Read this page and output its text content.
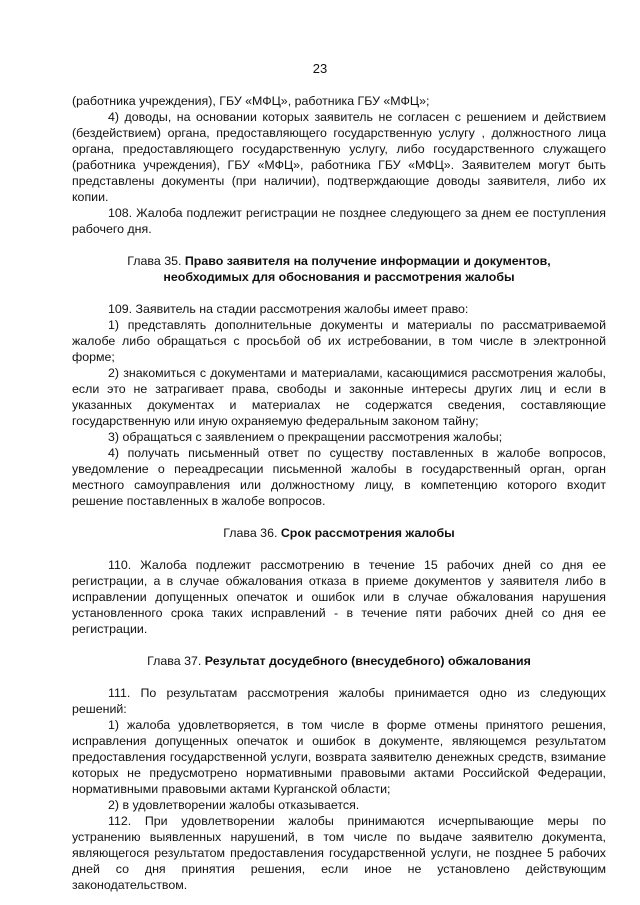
23

(работника учреждения), ГБУ «МФЦ», работника ГБУ «МФЦ»;

4) доводы, на основании которых заявитель не согласен с решением и действием (бездействием) органа, предоставляющего государственную услугу , должностного лица органа, предоставляющего государственную услугу, либо государственного служащего (работника учреждения), ГБУ «МФЦ», работника ГБУ «МФЦ». Заявителем могут быть представлены документы (при наличии), подтверждающие доводы заявителя, либо их копии.

108. Жалоба подлежит регистрации не позднее следующего за днем ее поступления рабочего дня.

Глава 35. Право заявителя на получение информации и документов, необходимых для обоснования и рассмотрения жалобы

109. Заявитель на стадии рассмотрения жалобы имеет право:

1) представлять дополнительные документы и материалы по рассматриваемой жалобе либо обращаться с просьбой об их истребовании, в том числе в электронной форме;

2) знакомиться с документами и материалами, касающимися рассмотрения жалобы, если это не затрагивает права, свободы и законные интересы других лиц и если в указанных документах и материалах не содержатся сведения, составляющие государственную или иную охраняемую федеральным законом тайну;

3) обращаться с заявлением о прекращении рассмотрения жалобы;

4) получать письменный ответ по существу поставленных в жалобе вопросов, уведомление о переадресации письменной жалобы в государственный орган, орган местного самоуправления или должностному лицу, в компетенцию которого входит решение поставленных в жалобе вопросов.

Глава 36. Срок рассмотрения жалобы

110. Жалоба подлежит рассмотрению в течение 15 рабочих дней со дня ее регистрации, а в случае обжалования отказа в приеме документов у заявителя либо в исправлении допущенных опечаток и ошибок или в случае обжалования нарушения установленного срока таких исправлений - в течение пяти рабочих дней со дня ее регистрации.

Глава 37. Результат досудебного (внесудебного) обжалования

111. По результатам рассмотрения жалобы принимается одно из следующих решений:

1) жалоба удовлетворяется, в том числе в форме отмены принятого решения, исправления допущенных опечаток и ошибок в документе, являющемся результатом предоставления государственной услуги, возврата заявителю денежных средств, взимание которых не предусмотрено нормативными правовыми актами Российской Федерации, нормативными правовыми актами Курганской области;

2) в удовлетворении жалобы отказывается.

112. При удовлетворении жалобы принимаются исчерпывающие меры по устранению выявленных нарушений, в том числе по выдаче заявителю документа, являющегося результатом предоставления государственной услуги, не позднее 5 рабочих дней со дня принятия решения, если иное не установлено действующим законодательством.
